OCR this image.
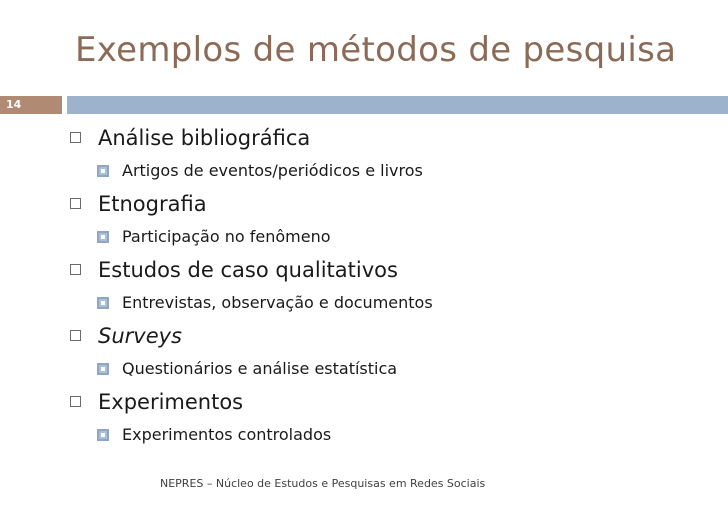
Exemplos de métodos de pesquisa
14
Análise bibliográfica
Artigos de eventos/periódicos e livros
Etnografia
Participação no fenômeno
Estudos de caso qualitativos
Entrevistas, observação e documentos
Surveys
Questionários e análise estatística
Experimentos
Experimentos controlados
NEPRES – Núcleo de Estudos e Pesquisas em Redes Sociais
